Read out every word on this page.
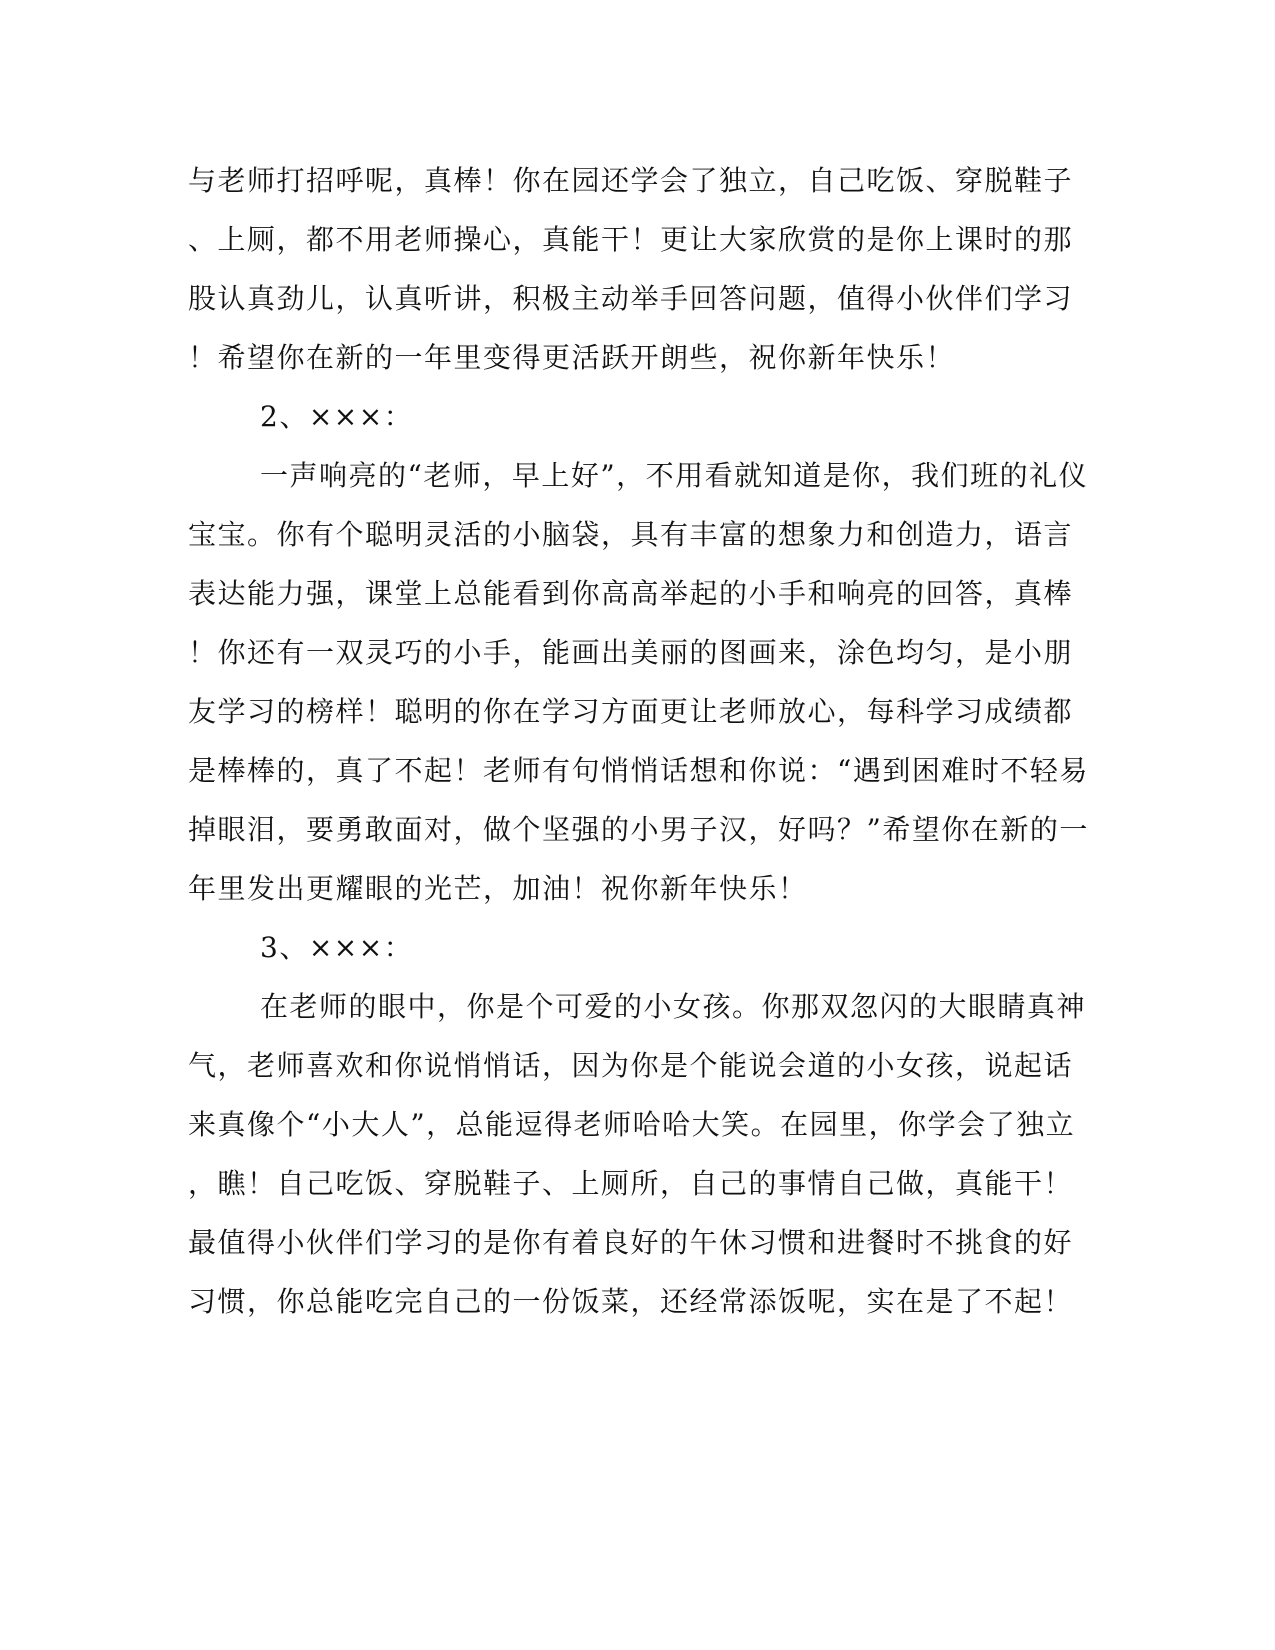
与老师打招呼呢，真棒！你在园还学会了独立，自己吃饭、穿脱鞋子
、上厕，都不用老师操心，真能干！更让大家欣赏的是你上课时的那
股认真劲儿，认真听讲，积极主动举手回答问题，值得小伙伴们学习
！希望你在新的一年里变得更活跃开朗些，祝你新年快乐！
2、×××：
一声响亮的“老师，早上好”，不用看就知道是你，我们班的礼仪
宝宝。你有个聪明灵活的小脑袋，具有丰富的想象力和创造力，语言
表达能力强，课堂上总能看到你高高举起的小手和响亮的回答，真棒
！你还有一双灵巧的小手，能画出美丽的图画来，涂色均匀，是小朋
友学习的榜样！聪明的你在学习方面更让老师放心，每科学习成绩都
是棒棒的，真了不起！老师有句悄悄话想和你说：“遇到困难时不轻易
掉眼泪，要勇敢面对，做个坚强的小男子汉，好吗？”希望你在新的一
年里发出更耀眼的光芒，加油！祝你新年快乐！
3、×××：
在老师的眼中，你是个可爱的小女孩。你那双忽闪的大眼睛真神
气，老师喜欢和你说悄悄话，因为你是个能说会道的小女孩，说起话
来真像个“小大人”，总能逗得老师哈哈大笑。在园里，你学会了独立
，瞧！自己吃饭、穿脱鞋子、上厕所，自己的事情自己做，真能干！
最值得小伙伴们学习的是你有着良好的午休习惯和进餐时不挑食的好
习惯，你总能吃完自己的一份饭菜，还经常添饭呢，实在是了不起！
